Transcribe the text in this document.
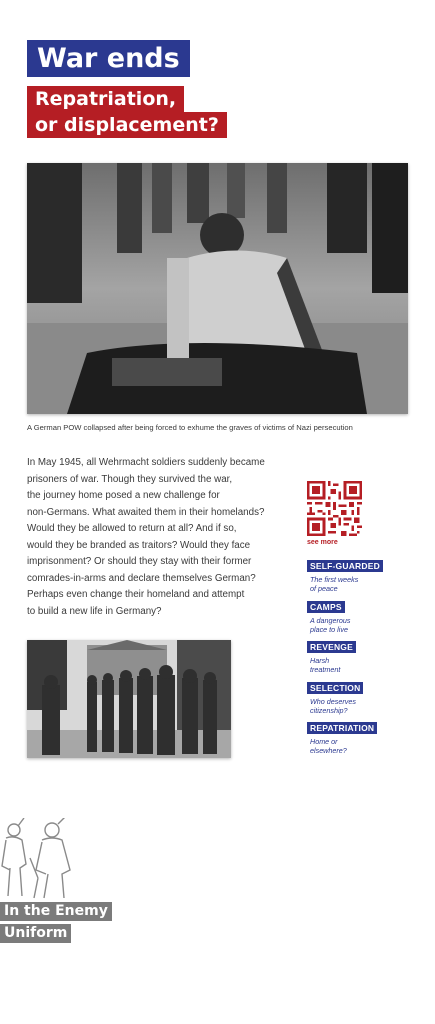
War ends
Repatriation,
or displacement?
A German POW collapsed after being forced to exhume the graves of victims of Nazi persecution

In May 1945, all Wehrmacht soldiers suddenly became
prisoners of war. Though they survived the war,
the journey home posed a new challenge for
non-Germans. What awaited them in their homelands?
Would they be allowed to return at all? And if so,
would they be branded as traitors? Would they face
imprisonment? Or should they stay with their former
comrades-in-arms and declare themselves German?
Perhaps even change their homeland and attempt
to build a new life in Germany?

see more
SELF-GUARDED
The first weeks
of peace
CAMPS
A dangerous
place to live
REVENGE
Harsh
treatment
SELECTION
Who deserves
citizenship?
REPATRIATION
Home or
elsewhere?
In the Enemy
Uniform
